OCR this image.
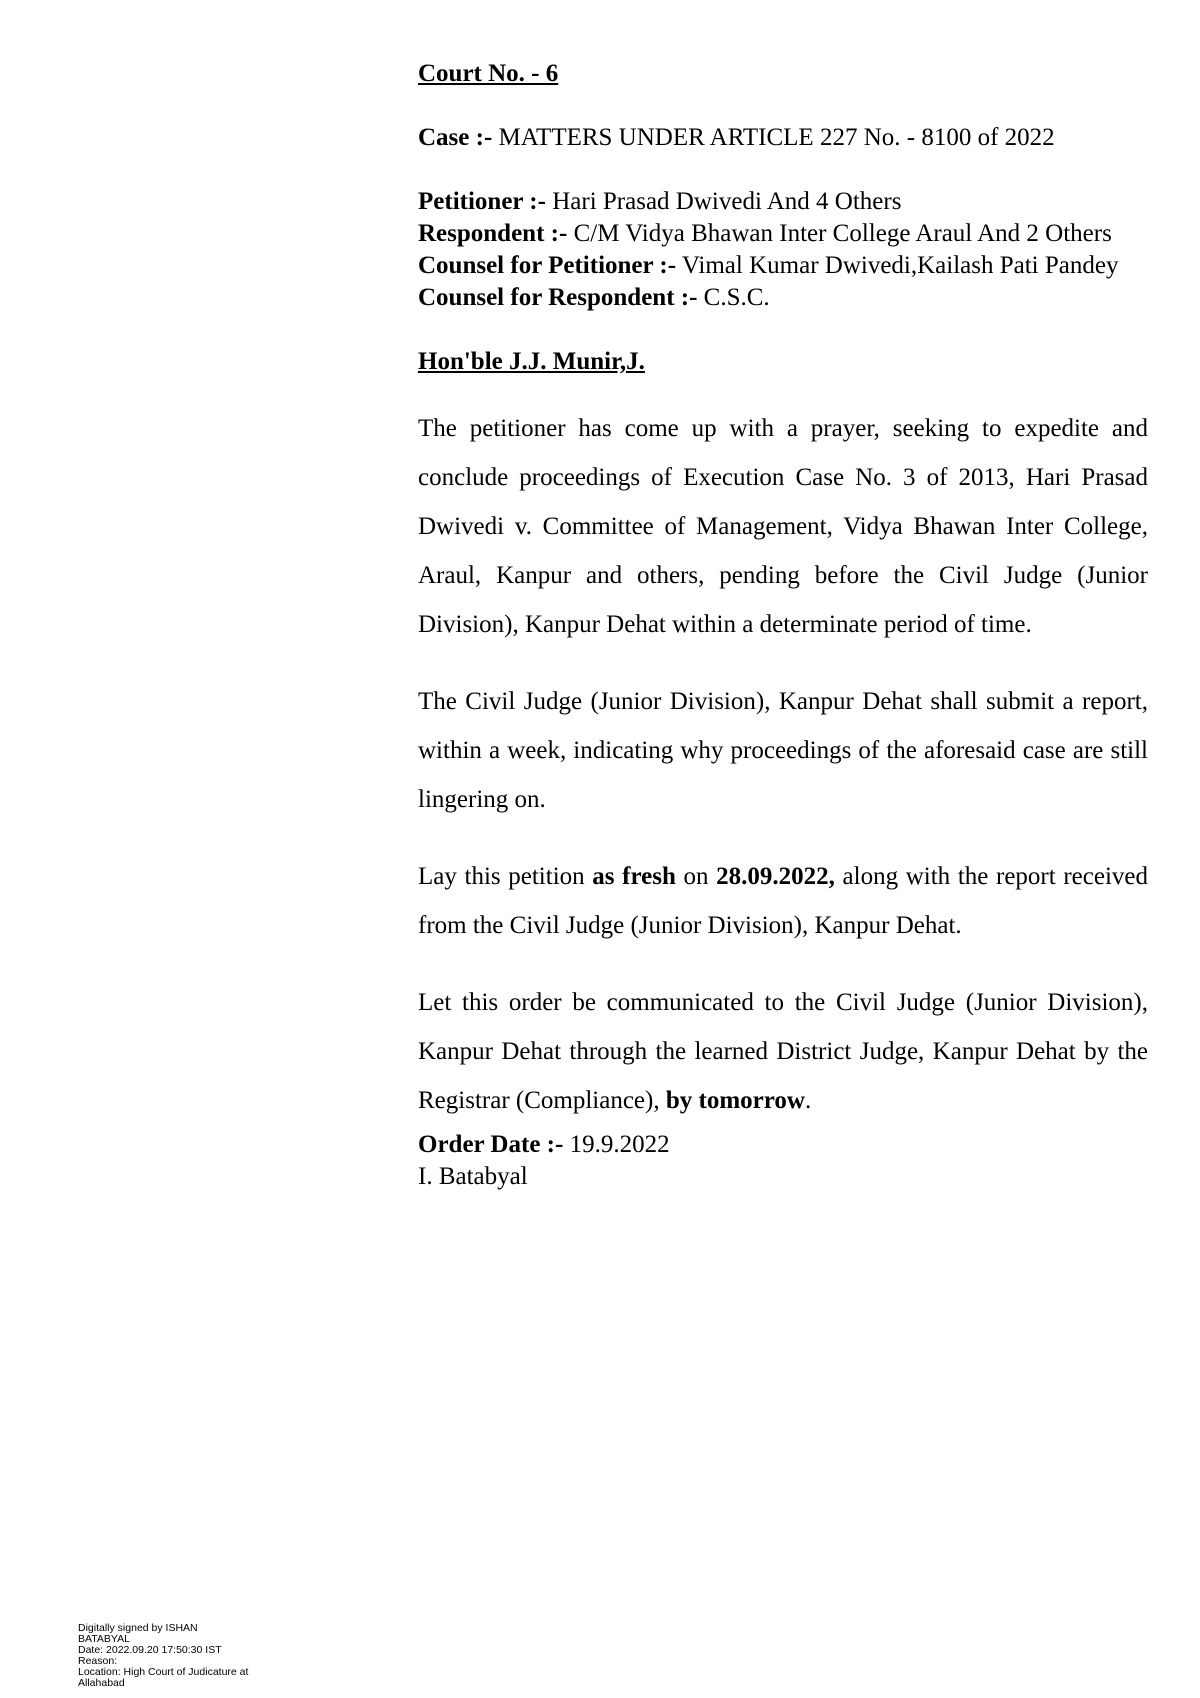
Court No. - 6

Case :- MATTERS UNDER ARTICLE 227 No. - 8100 of 2022

Petitioner :- Hari Prasad Dwivedi And 4 Others
Respondent :- C/M Vidya Bhawan Inter College Araul And 2 Others
Counsel for Petitioner :- Vimal Kumar Dwivedi,Kailash Pati Pandey
Counsel for Respondent :- C.S.C.

Hon'ble J.J. Munir,J.

The petitioner has come up with a prayer, seeking to expedite and conclude proceedings of Execution Case No. 3 of 2013, Hari Prasad Dwivedi v. Committee of Management, Vidya Bhawan Inter College, Araul, Kanpur and others, pending before the Civil Judge (Junior Division), Kanpur Dehat within a determinate period of time.

The Civil Judge (Junior Division), Kanpur Dehat shall submit a report, within a week, indicating why proceedings of the aforesaid case are still lingering on.

Lay this petition as fresh on 28.09.2022, along with the report received from the Civil Judge (Junior Division), Kanpur Dehat.

Let this order be communicated to the Civil Judge (Junior Division), Kanpur Dehat through the learned District Judge, Kanpur Dehat by the Registrar (Compliance), by tomorrow.

Order Date :- 19.9.2022

I. Batabyal

Digitally signed by ISHAN
BATABYAL
Date: 2022.09.20 17:50:30 IST
Reason:
Location: High Court of Judicature at
Allahabad
